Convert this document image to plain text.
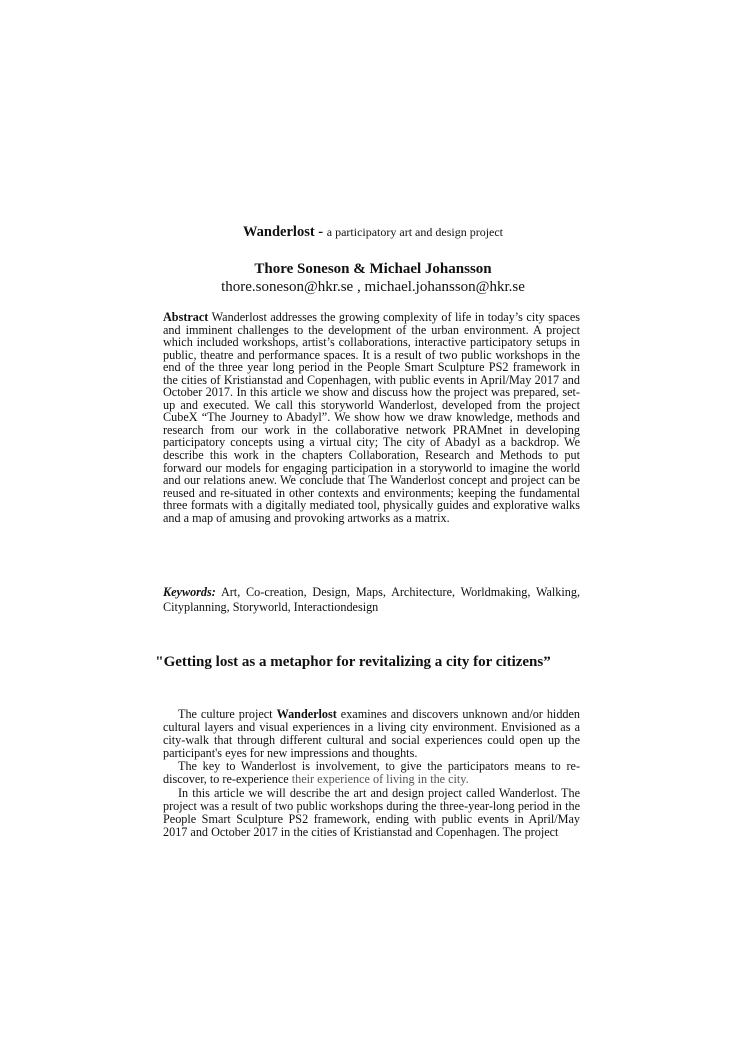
Wanderlost - a participatory art and design project
Thore Soneson & Michael Johansson
thore.soneson@hkr.se , michael.johansson@hkr.se
Abstract Wanderlost addresses the growing complexity of life in today’s city spaces and imminent challenges to the development of the urban environment. A project which included workshops, artist’s collaborations, interactive participatory setups in public, theatre and performance spaces. It is a result of two public workshops in the end of the three year long period in the People Smart Sculpture PS2 framework in the cities of Kristianstad and Copenhagen, with public events in April/May 2017 and October 2017. In this article we show and discuss how the project was prepared, set-up and executed. We call this storyworld Wanderlost, developed from the project CubeX “The Journey to Abadyl”. We show how we draw knowledge, methods and research from our work in the collaborative network PRAMnet in developing participatory concepts using a virtual city; The city of Abadyl as a backdrop. We describe this work in the chapters Collaboration, Research and Methods to put forward our models for engaging participation in a storyworld to imagine the world and our relations anew. We conclude that The Wanderlost concept and project can be reused and re-situated in other contexts and environments; keeping the fundamental three formats with a digitally mediated tool, physically guides and explorative walks and a map of amusing and provoking artworks as a matrix.
Keywords: Art, Co-creation, Design, Maps, Architecture, Worldmaking, Walking, Cityplanning, Storyworld, Interactiondesign
"Getting lost as a metaphor for revitalizing a city for citizens”

The culture project Wanderlost examines and discovers unknown and/or hidden cultural layers and visual experiences in a living city environment. Envisioned as a city-walk that through different cultural and social experiences could open up the participant's eyes for new impressions and thoughts.

The key to Wanderlost is involvement, to give the participators means to re-discover, to re-experience their experience of living in the city.

In this article we will describe the art and design project called Wanderlost. The project was a result of two public workshops during the three-year-long period in the People Smart Sculpture PS2 framework, ending with public events in April/May 2017 and October 2017 in the cities of Kristianstad and Copenhagen. The project
